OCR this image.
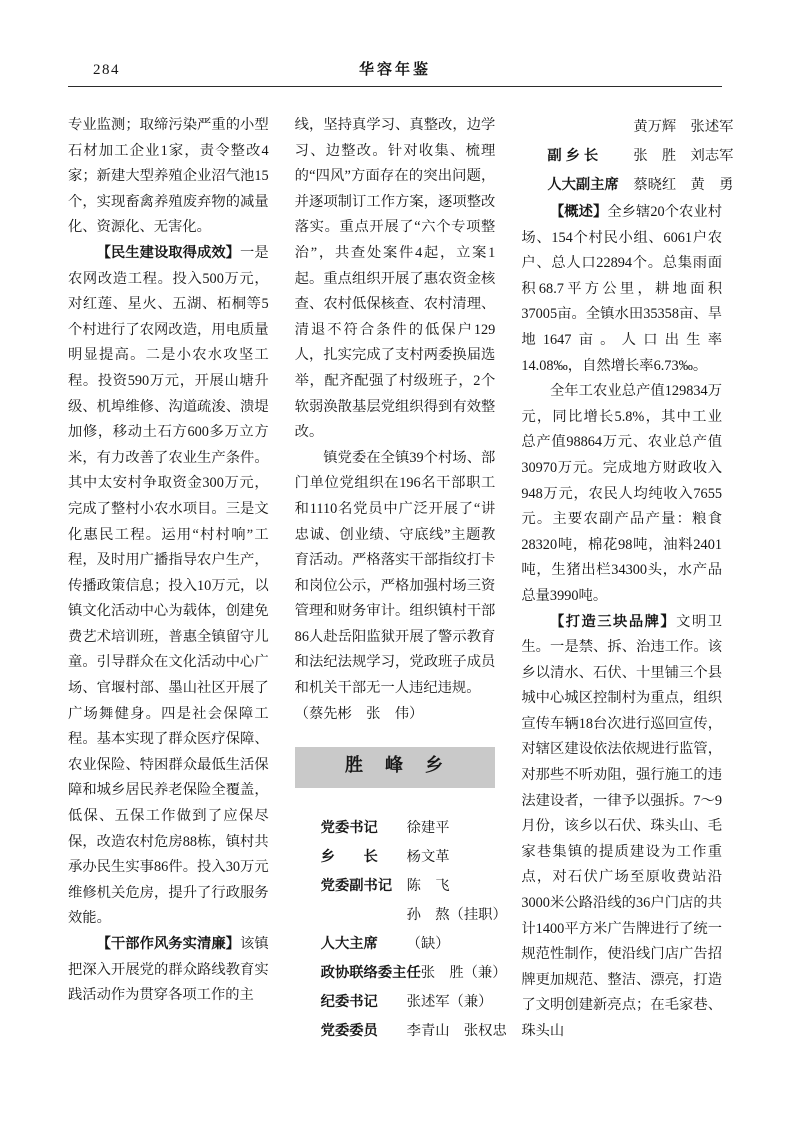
284	华容年鉴

专业监测；取缔污染严重的小型石材加工企业1家，责令整改4家；新建大型养殖企业沼气池15个，实现畜禽养殖废弃物的减量化、资源化、无害化。

【民生建设取得成效】一是农网改造工程。投入500万元，对红莲、星火、五湖、柘桐等5个村进行了农网改造，用电质量明显提高。二是小农水攻坚工程。投资590万元，开展山塘升级、机埠维修、沟道疏浚、溃堤加修，移动土石方600多万立方米，有力改善了农业生产条件。其中太安村争取资金300万元，完成了整村小农水项目。三是文化惠民工程。运用“村村响”工程，及时用广播指导农户生产，传播政策信息；投入10万元，以镇文化活动中心为载体，创建免费艺术培训班，普惠全镇留守儿童。引导群众在文化活动中心广场、官堰村部、墨山社区开展了广场舞健身。四是社会保障工程。基本实现了群众医疗保障、农业保险、特困群众最低生活保障和城乡居民养老保险全覆盖，低保、五保工作做到了应保尽保，改造农村危房88栋，镇村共承办民生实事86件。投入30万元维修机关危房，提升了行政服务效能。

【干部作风务实清廉】该镇把深入开展党的群众路线教育实践活动作为贯穿各项工作的主

线，坚持真学习、真整改，边学习、边整改。针对收集、梳理的“四风”方面存在的突出问题，并逐项制订工作方案，逐项整改落实。重点开展了“六个专项整治”，共查处案件4起，立案1起。重点组织开展了惠农资金核查、农村低保核查、农村清理、清退不符合条件的低保户129人，扎实完成了支村两委换届选举，配齐配强了村级班子，2个软弱涣散基层党组织得到有效整改。

镇党委在全镇39个村场、部门单位党组织在196名干部职工和1110名党员中广泛开展了“讲忠诚、创业绩、守底线”主题教育活动。严格落实干部指纹打卡和岗位公示，严格加强村场三资管理和财务审计。组织镇村干部86人赴岳阳监狱开展了警示教育和法纪法规学习，党政班子成员和机关干部无一人违纪违规。

（蔡先彬　张　伟）

胜　峰　乡
党委书记	徐建平
乡　　长	杨文革
党委副书记	陈　飞
孙　熬（挂职）
人大主席	（缺）
政协联络委主任 张　胜（兼）
纪委书记	张述军（兼）
党委委员	李青山　张权忠
黄万辉　张述军
副 乡 长	张　胜　刘志军
人大副主席	蔡晓红　黄　勇

【概述】全乡辖20个农业村场、154个村民小组、6061户农户、总人口22894个。总集雨面积68.7平方公里，耕地面积37005亩。全镇水田35358亩、旱地1647亩。人口出生率14.08‰，自然增长率6.73‰。

全年工农业总产值129834万元，同比增长5.8%，其中工业总产值98864万元、农业总产值30970万元。完成地方财政收入948万元，农民人均纯收入7655元。主要农副产品产量：粮食28320吨，棉花98吨，油料2401吨，生猪出栏34300头，水产品总量3990吨。

【打造三块品牌】文明卫生。一是禁、拆、治违工作。该乡以清水、石伏、十里铺三个县城中心城区控制村为重点，组织宣传车辆18台次进行巡回宣传，对辖区建设依法依规进行监管，对那些不听劝阻，强行施工的违法建设者，一律予以强拆。7～9月份，该乡以石伏、珠头山、毛家巷集镇的提质建设为工作重点，对石伏广场至原收费站沿3000米公路沿线的36户门店的共计1400平方米广告牌进行了统一规范性制作，使沿线门店广告招牌更加规范、整洁、漂亮，打造了文明创建新亮点；在毛家巷、珠头山
